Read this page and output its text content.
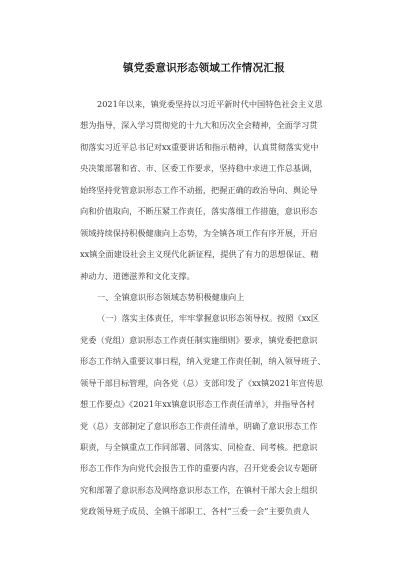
镇党委意识形态领域工作情况汇报
2021年以来，镇党委坚持以习近平新时代中国特色社会主义思
想为指导，深入学习贯彻党的十九大和历次全会精神，全面学习贯
彻落实习近平总书记对xx重要讲话和指示精神，认真贯彻落实党中
央决策部署和省、市、区委工作要求，坚持稳中求进工作总基调，
始终坚持党管意识形态工作不动摇，把握正确的政治导向、舆论导
向和价值取向，不断压紧工作责任，落实落细工作措施，意识形态
领域持续保持积极健康向上态势，为全镇各项工作有序开展，开启
xx镇全面建设社会主义现代化新征程，提供了有力的思想保证、精
神动力、道德滋养和文化支撑。
一、全镇意识形态领域态势积极健康向上
（一）落实主体责任，牢牢掌握意识形态领导权。按照《xx区
党委（党组）意识形态工作责任制实施细则》要求，镇党委把意识
形态工作纳入重要议事日程，纳入党建工作责任制，纳入领导班子、
领导干部目标管理，向各党（总）支部印发了《xx镇2021年宣传思
想工作要点》《2021年xx镇意识形态工作责任清单》，并指导各村
党（总）支部制定了意识形态工作责任清单，明确了意识形态工作
职责，与全镇重点工作同部署、同落实、同检查、同考核。把意识
形态工作作为向党代会报告工作的重要内容，召开党委会议专题研
究和部署了意识形态及网络意识形态工作，在镇村干部大会上组织
党政领导班子成员、全镇干部职工、各村“三委一会”主要负责人
